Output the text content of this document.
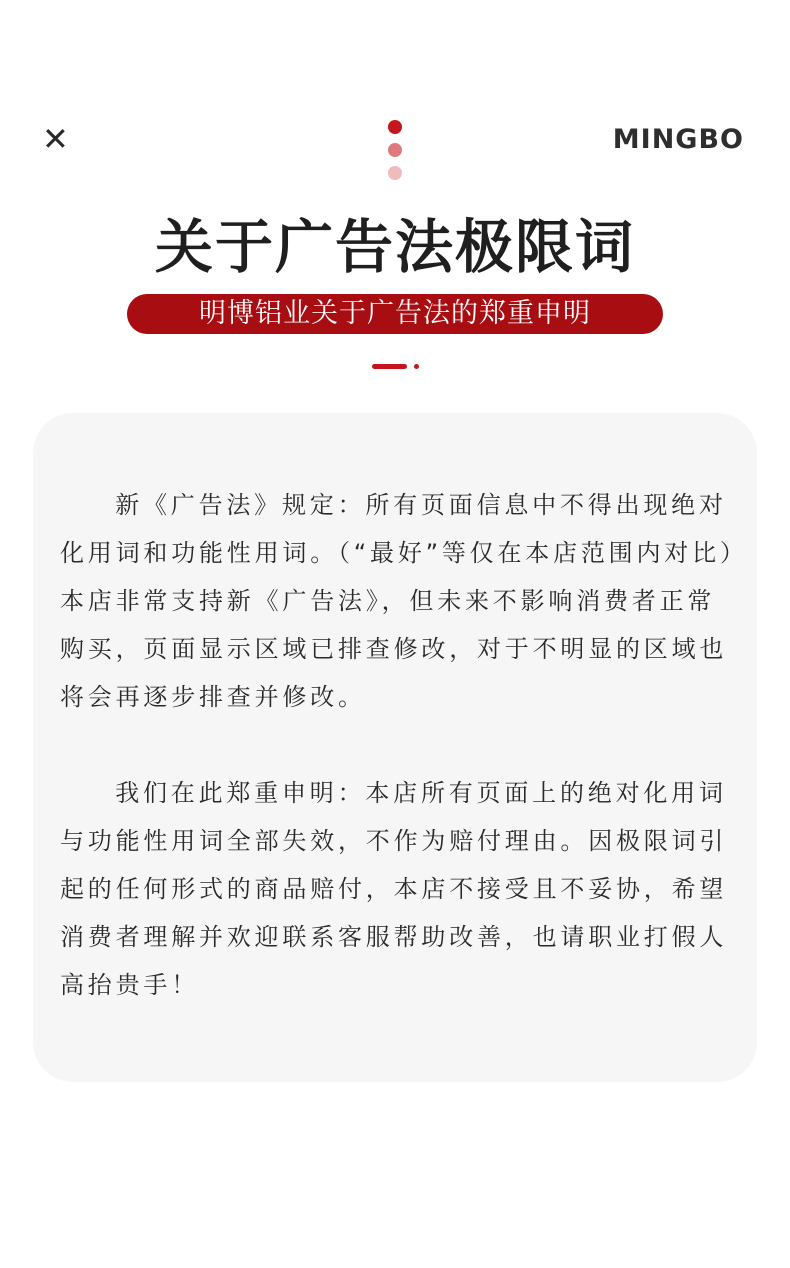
✕	MINGBO
关于广告法极限词
明博铝业关于广告法的郑重申明
新《广告法》规定：所有页面信息中不得出现绝对化用词和功能性用词。（“最好”等仅在本店范围内对比）本店非常支持新《广告法》，但未来不影响消费者正常购买，页面显示区域已排查修改，对于不明显的区域也将会再逐步排查并修改。
我们在此郑重申明：本店所有页面上的绝对化用词与功能性用词全部失效，不作为赔付理由。因极限词引起的任何形式的商品赔付，本店不接受且不妥协，希望消费者理解并欢迎联系客服帮助改善，也请职业打假人高抬贵手！
